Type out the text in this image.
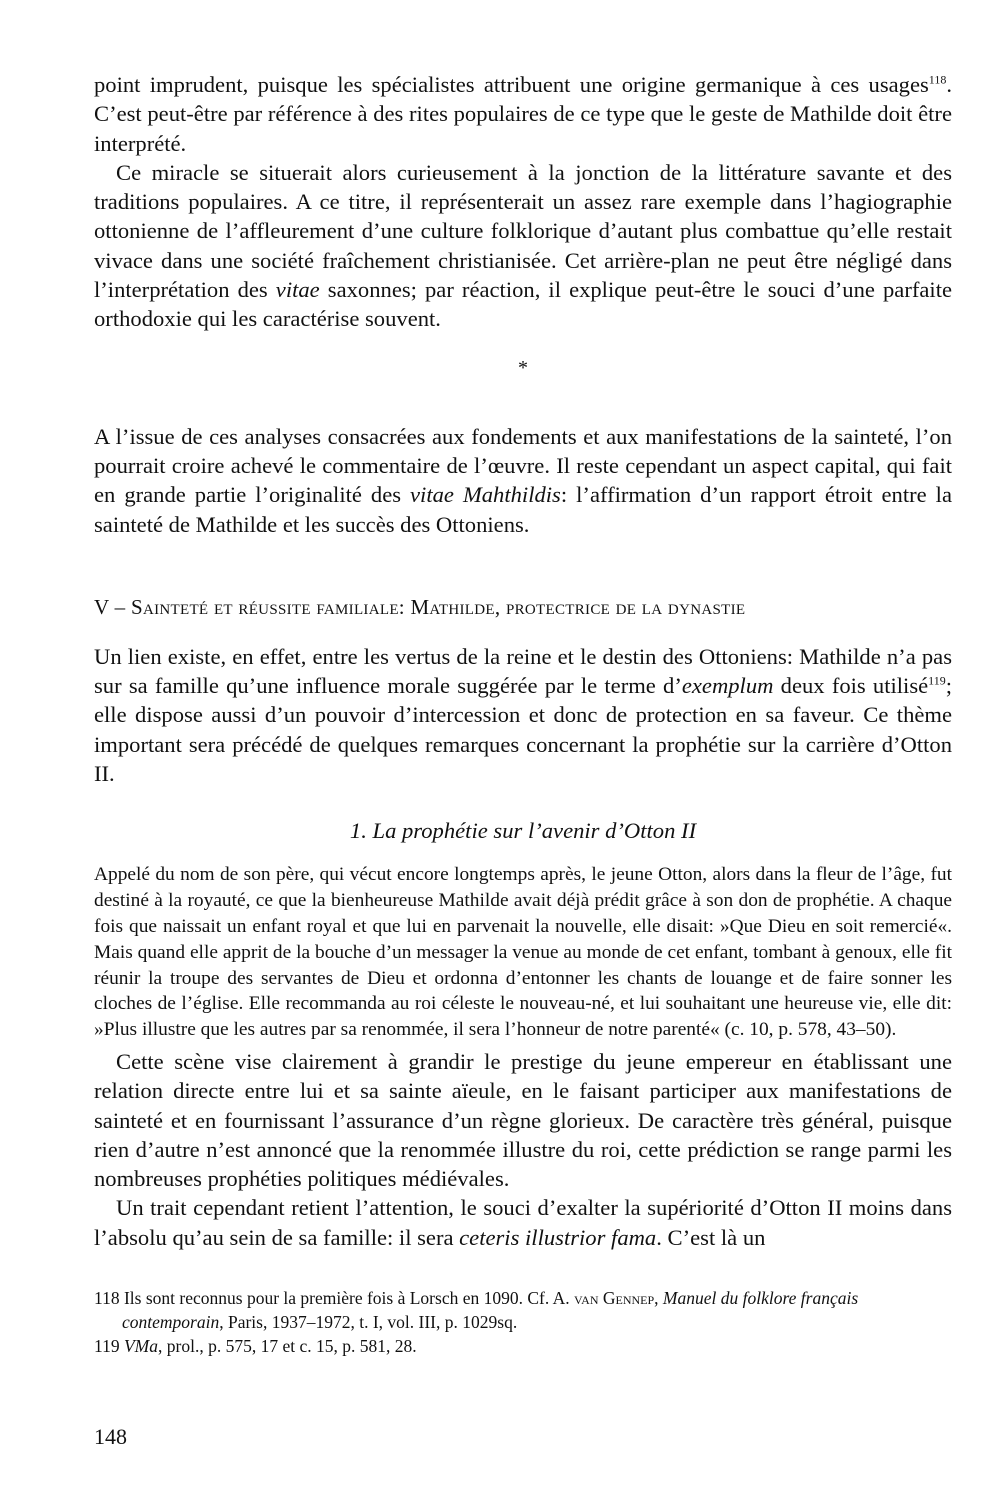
point imprudent, puisque les spécialistes attribuent une origine germanique à ces usages$^{118}$. C’est peut-être par référence à des rites populaires de ce type que le geste de Mathilde doit être interprété.

Ce miracle se situerait alors curieusement à la jonction de la littérature savante et des traditions populaires. A ce titre, il représenterait un assez rare exemple dans l’hagiographie ottonienne de l’affleurement d’une culture folklorique d’autant plus combattue qu’elle restait vivace dans une société fraîchement christianisée. Cet arrière-plan ne peut être négligé dans l’interprétation des vitae saxonnes; par réaction, il explique peut-être le souci d’une parfaite orthodoxie qui les caractérise souvent.

*

A l’issue de ces analyses consacrées aux fondements et aux manifestations de la sainteté, l’on pourrait croire achevé le commentaire de l’œuvre. Il reste cependant un aspect capital, qui fait en grande partie l’originalité des vitae Mahthildis: l’affirmation d’un rapport étroit entre la sainteté de Mathilde et les succès des Ottoniens.

V – Sainteté et réussite familiale: Mathilde, protectrice de la dynastie

Un lien existe, en effet, entre les vertus de la reine et le destin des Ottoniens: Mathilde n’a pas sur sa famille qu’une influence morale suggérée par le terme d’exemplum deux fois utilisé$^{119}$; elle dispose aussi d’un pouvoir d’intercession et donc de protection en sa faveur. Ce thème important sera précédé de quelques remarques concernant la prophétie sur la carrière d’Otton II.

1. La prophétie sur l’avenir d’Otton II

Appelé du nom de son père, qui vécut encore longtemps après, le jeune Otton, alors dans la fleur de l’âge, fut destiné à la royauté, ce que la bienheureuse Mathilde avait déjà prédit grâce à son don de prophétie. A chaque fois que naissait un enfant royal et que lui en parvenait la nouvelle, elle disait: »Que Dieu en soit remercié«. Mais quand elle apprit de la bouche d’un messager la venue au monde de cet enfant, tombant à genoux, elle fit réunir la troupe des servantes de Dieu et ordonna d’entonner les chants de louange et de faire sonner les cloches de l’église. Elle recommanda au roi céleste le nouveau-né, et lui souhaitant une heureuse vie, elle dit: »Plus illustre que les autres par sa renommée, il sera l’honneur de notre parenté« (c. 10, p. 578, 43–50).

Cette scène vise clairement à grandir le prestige du jeune empereur en établissant une relation directe entre lui et sa sainte aïeule, en le faisant participer aux manifestations de sainteté et en fournissant l’assurance d’un règne glorieux. De caractère très général, puisque rien d’autre n’est annoncé que la renommée illustre du roi, cette prédiction se range parmi les nombreuses prophéties politiques médiévales.

Un trait cependant retient l’attention, le souci d’exalter la supériorité d’Otton II moins dans l’absolu qu’au sein de sa famille: il sera ceteris illustrior fama. C’est là un

118 Ils sont reconnus pour la première fois à Lorsch en 1090. Cf. A. van Gennep, Manuel du folklore français contemporain, Paris, 1937–1972, t. I, vol. III, p. 1029sq.

119 VMa, prol., p. 575, 17 et c. 15, p. 581, 28.

148
